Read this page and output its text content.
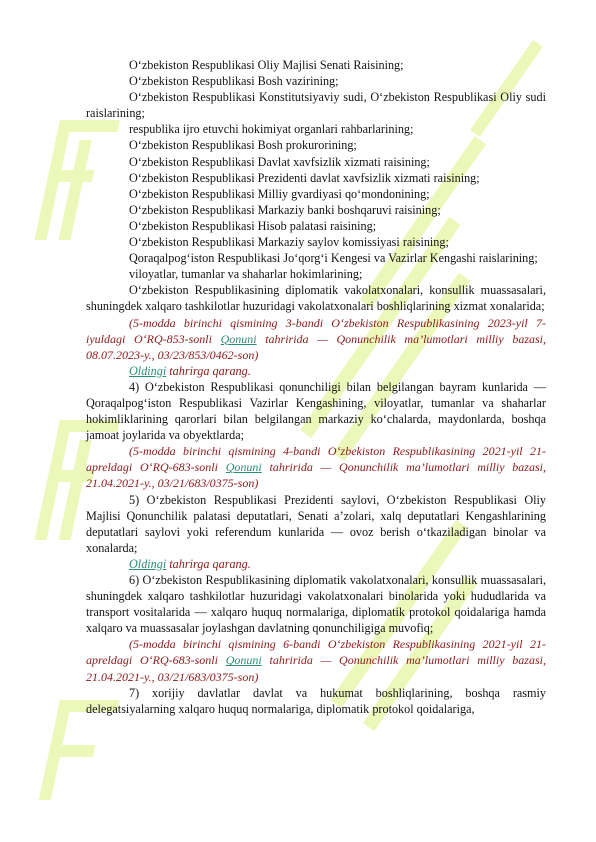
O‘zbekiston Respublikasi Oliy Majlisi Senati Raisining;

O‘zbekiston Respublikasi Bosh vazirining;

O‘zbekiston Respublikasi Konstitutsiyaviy sudi, O‘zbekiston Respublikasi Oliy sudi raislarining;

respublika ijro etuvchi hokimiyat organlari rahbarlarining;

O‘zbekiston Respublikasi Bosh prokurorining;

O‘zbekiston Respublikasi Davlat xavfsizlik xizmati raisining;

O‘zbekiston Respublikasi Prezidenti davlat xavfsizlik xizmati raisining;

O‘zbekiston Respublikasi Milliy gvardiyasi qo‘mondonining;

O‘zbekiston Respublikasi Markaziy banki boshqaruvi raisining;

O‘zbekiston Respublikasi Hisob palatasi raisining;

O‘zbekiston Respublikasi Markaziy saylov komissiyasi raisining;

Qoraqalpog‘iston Respublikasi Jo‘qorg‘i Kengesi va Vazirlar Kengashi raislarining;

viloyatlar, tumanlar va shaharlar hokimlarining;

O‘zbekiston Respublikasining diplomatik vakolatxonalari, konsullik muassasalari, shuningdek xalqaro tashkilotlar huzuridagi vakolatxonalari boshliqlarining xizmat xonalarida;

(5-modda birinchi qismining 3-bandi O‘zbekiston Respublikasining 2023-yil 7-iyuldagi O‘RQ-853-sonli Qonuni tahririda — Qonunchilik ma’lumotlari milliy bazasi, 08.07.2023-y., 03/23/853/0462-son)

Oldingi tahrirga qarang.

4) O‘zbekiston Respublikasi qonunchiligi bilan belgilangan bayram kunlarida — Qoraqalpog‘iston Respublikasi Vazirlar Kengashining, viloyatlar, tumanlar va shaharlar hokimliklarining qarorlari bilan belgilangan markaziy ko‘chalarda, maydonlarda, boshqa jamoat joylarida va obyektlarda;

(5-modda birinchi qismining 4-bandi O‘zbekiston Respublikasining 2021-yil 21-apreldagi O‘RQ-683-sonli Qonuni tahririda — Qonunchilik ma’lumotlari milliy bazasi, 21.04.2021-y., 03/21/683/0375-son)

5) O‘zbekiston Respublikasi Prezidenti saylovi, O‘zbekiston Respublikasi Oliy Majlisi Qonunchilik palatasi deputatlari, Senati a’zolari, xalq deputatlari Kengashlarining deputatlari saylovi yoki referendum kunlarida — ovoz berish o‘tkaziladigan binolar va xonalarda;

Oldingi tahrirga qarang.

6) O‘zbekiston Respublikasining diplomatik vakolatxonalari, konsullik muassasalari, shuningdek xalqaro tashkilotlar huzuridagi vakolatxonalari binolarida yoki hududlarida va transport vositalarida — xalqaro huquq normalariga, diplomatik protokol qoidalariga hamda xalqaro va muassasalar joylashgan davlatning qonunchiligiga muvofiq;

(5-modda birinchi qismining 6-bandi O‘zbekiston Respublikasining 2021-yil 21-apreldagi O‘RQ-683-sonli Qonuni tahririda — Qonunchilik ma’lumotlari milliy bazasi, 21.04.2021-y., 03/21/683/0375-son)

7) xorijiy davlatlar davlat va hukumat boshliqlarining, boshqa rasmiy delegatsiyalarning xalqaro huquq normalariga, diplomatik protokol qoidalariga,
